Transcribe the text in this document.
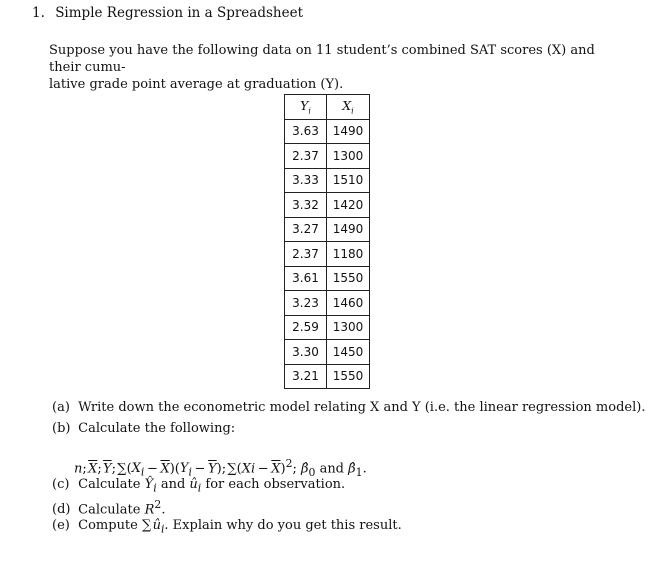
1. Simple Regression in a Spreadsheet
Suppose you have the following data on 11 student’s combined SAT scores (X) and their cumu-
lative grade point average at graduation (Y).
$Y_i$	$X_i$
3.63	1490
2.37	1300
3.33	1510
3.32	1420
3.27	1490
2.37	1180
3.61	1550
3.23	1460
2.59	1300
3.30	1450
3.21	1550
(a) Write down the econometric model relating X and Y (i.e. the linear regression model).
(b) Calculate the following:
n; $\overline{X}$; $\overline{Y}$; $\sum(X_i - \overline{X})(Y_i - \overline{Y})$; $\sum(Xi - \overline{X})^2$; $\betâ_0$ and $\betâ_1$.
(c) Calculate $Ŷ_i$ and $û_i$ for each observation.
(d) Calculate $R^2$.
(e) Compute ∑ $û_i$. Explain why do you get this result.
